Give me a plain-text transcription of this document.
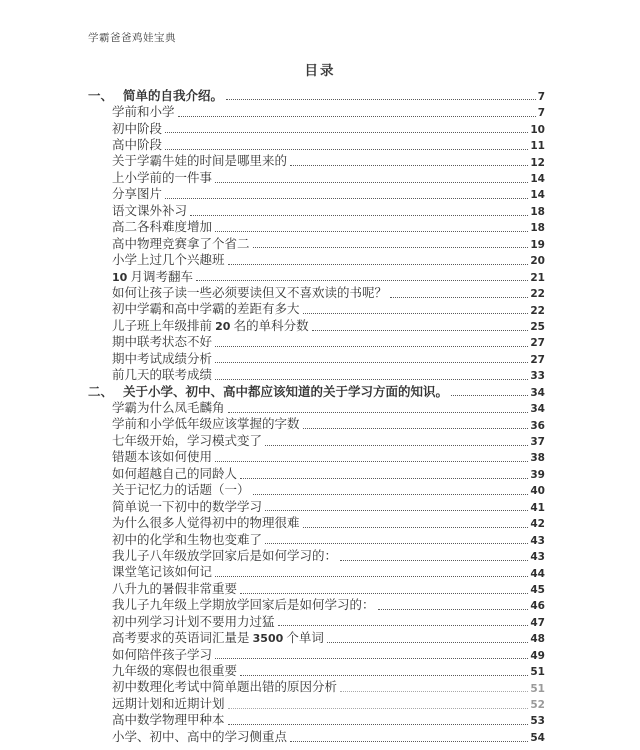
学霸爸爸鸡娃宝典
目录
一、 简单的自我介绍。	7
学前和小学	7
初中阶段	10
高中阶段	11
关于学霸牛娃的时间是哪里来的	12
上小学前的一件事	14
分享图片	14
语文课外补习	18
高二各科难度增加	18
高中物理竞赛拿了个省二	19
小学上过几个兴趣班	20
10 月调考翻车	21
如何让孩子读一些必须要读但又不喜欢读的书呢？	22
初中学霸和高中学霸的差距有多大	22
儿子班上年级排前 20 名的单科分数	25
期中联考状态不好	27
期中考试成绩分析	27
前几天的联考成绩	33
二、 关于小学、初中、高中都应该知道的关于学习方面的知识。	34
学霸为什么凤毛麟角	34
学前和小学低年级应该掌握的字数	36
七年级开始，学习模式变了	37
错题本该如何使用	38
如何超越自己的同龄人	39
关于记忆力的话题（一）	40
简单说一下初中的数学学习	41
为什么很多人觉得初中的物理很难	42
初中的化学和生物也变难了	43
我儿子八年级放学回家后是如何学习的：	43
课堂笔记该如何记	44
八升九的暑假非常重要	45
我儿子九年级上学期放学回家后是如何学习的：	46
初中列学习计划不要用力过猛	47
高考要求的英语词汇量是 3500 个单词	48
如何陪伴孩子学习	49
九年级的寒假也很重要	51
初中数理化考试中简单题出错的原因分析	51
远期计划和近期计划	52
高中数学物理甲种本	53
小学、初中、高中的学习侧重点	54
